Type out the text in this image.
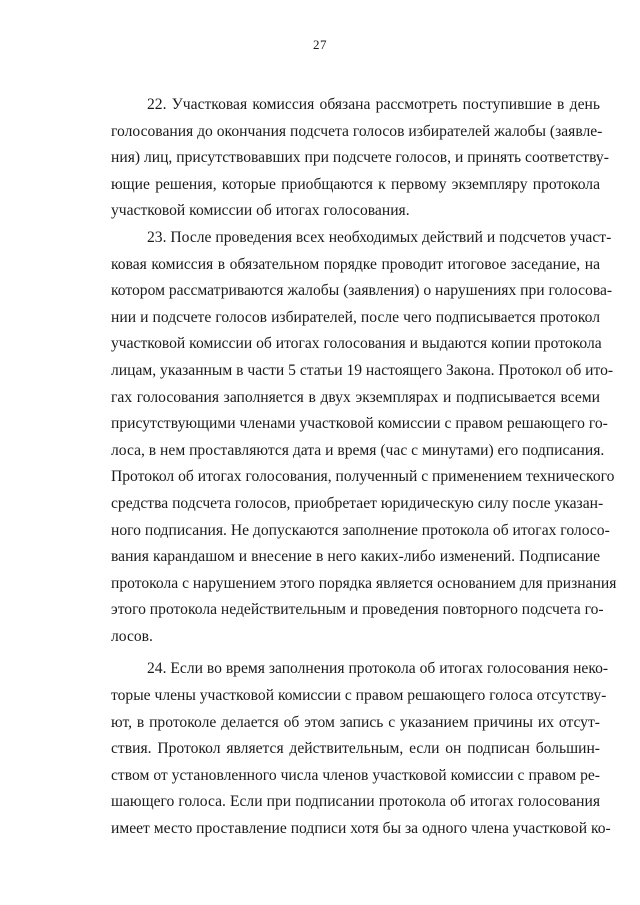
27

22. Участковая комиссия обязана рассмотреть поступившие в день
голосования до окончания подсчета голосов избирателей жалобы (заявле-
ния) лиц, присутствовавших при подсчете голосов, и принять соответству-
ющие решения, которые приобщаются к первому экземпляру протокола
участковой комиссии об итогах голосования.

23. После проведения всех необходимых действий и подсчетов участ-
ковая комиссия в обязательном порядке проводит итоговое заседание, на
котором рассматриваются жалобы (заявления) о нарушениях при голосова-
нии и подсчете голосов избирателей, после чего подписывается протокол
участковой комиссии об итогах голосования и выдаются копии протокола
лицам, указанным в части 5 статьи 19 настоящего Закона. Протокол об ито-
гах голосования заполняется в двух экземплярах и подписывается всеми
присутствующими членами участковой комиссии с правом решающего го-
лоса, в нем проставляются дата и время (час с минутами) его подписания.
Протокол об итогах голосования, полученный с применением технического
средства подсчета голосов, приобретает юридическую силу после указан-
ного подписания. Не допускаются заполнение протокола об итогах голосо-
вания карандашом и внесение в него каких-либо изменений. Подписание
протокола с нарушением этого порядка является основанием для признания
этого протокола недействительным и проведения повторного подсчета го-
лосов.

24. Если во время заполнения протокола об итогах голосования неко-
торые члены участковой комиссии с правом решающего голоса отсутству-
ют, в протоколе делается об этом запись с указанием причины их отсут-
ствия. Протокол является действительным, если он подписан большин-
ством от установленного числа членов участковой комиссии с правом ре-
шающего голоса. Если при подписании протокола об итогах голосования
имеет место проставление подписи хотя бы за одного члена участковой ко-
